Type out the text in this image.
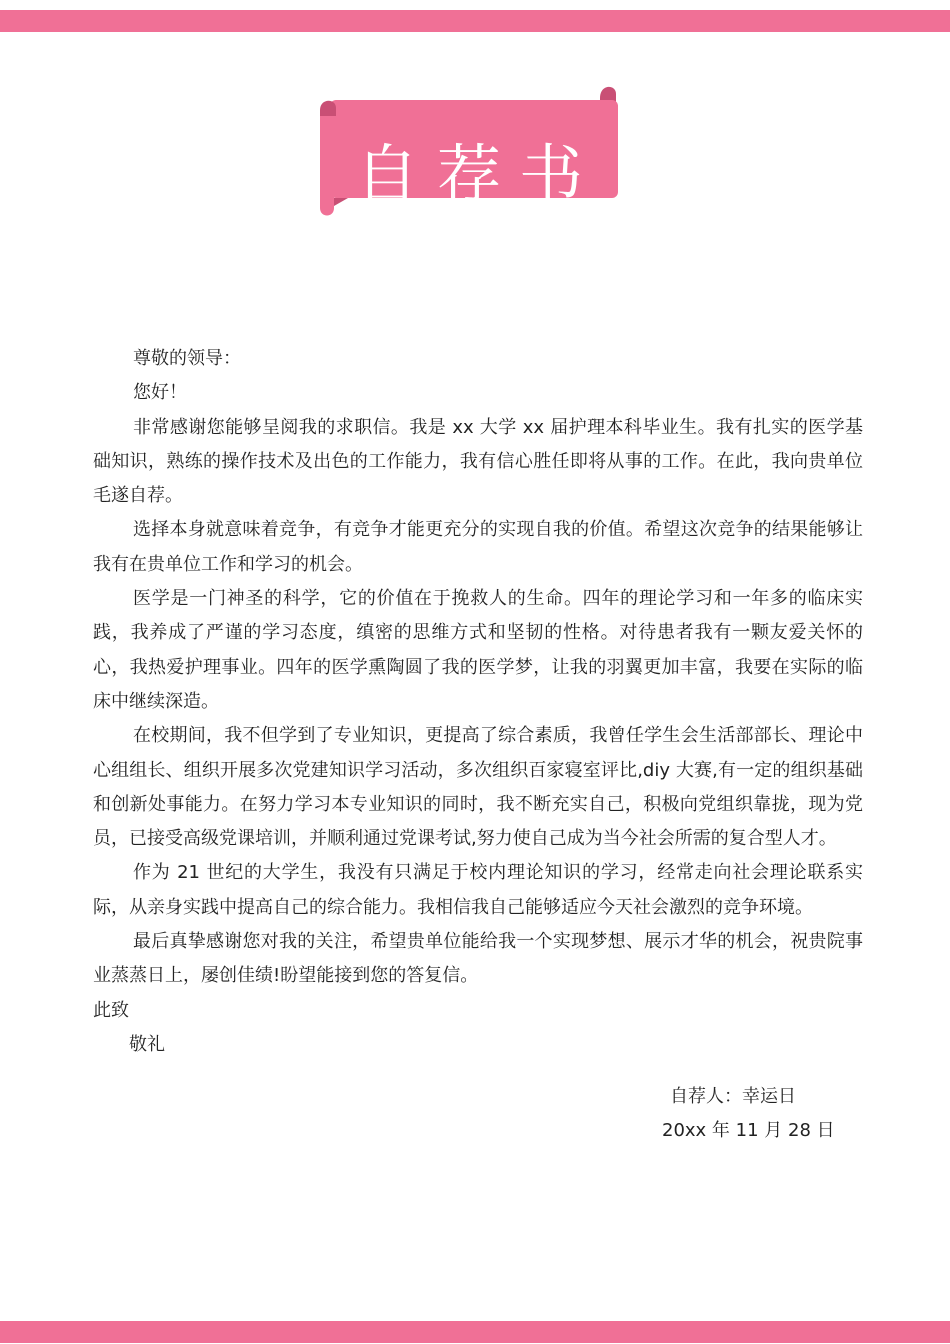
自荐书

尊敬的领导：

您好！

非常感谢您能够呈阅我的求职信。我是 xx 大学 xx 届护理本科毕业生。我有扎实的医学基础知识，熟练的操作技术及出色的工作能力，我有信心胜任即将从事的工作。在此，我向贵单位毛遂自荐。

选择本身就意味着竞争，有竞争才能更充分的实现自我的价值。希望这次竞争的结果能够让我有在贵单位工作和学习的机会。

医学是一门神圣的科学，它的价值在于挽救人的生命。四年的理论学习和一年多的临床实践，我养成了严谨的学习态度，缜密的思维方式和坚韧的性格。对待患者我有一颗友爱关怀的心，我热爱护理事业。四年的医学熏陶圆了我的医学梦，让我的羽翼更加丰富，我要在实际的临床中继续深造。

在校期间，我不但学到了专业知识，更提高了综合素质，我曾任学生会生活部部长、理论中心组组长、组织开展多次党建知识学习活动，多次组织百家寝室评比,diy 大赛,有一定的组织基础和创新处事能力。在努力学习本专业知识的同时，我不断充实自己，积极向党组织靠拢，现为党员，已接受高级党课培训，并顺利通过党课考试,努力使自己成为当今社会所需的复合型人才。

作为 21 世纪的大学生，我没有只满足于校内理论知识的学习，经常走向社会理论联系实际，从亲身实践中提高自己的综合能力。我相信我自己能够适应今天社会激烈的竞争环境。

最后真挚感谢您对我的关注，希望贵单位能给我一个实现梦想、展示才华的机会，祝贵院事业蒸蒸日上，屡创佳绩!盼望能接到您的答复信。

此致

敬礼

自荐人：幸运日
20xx 年 11 月 28 日
